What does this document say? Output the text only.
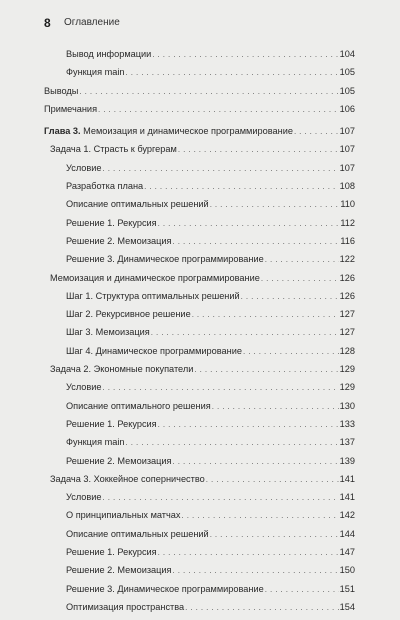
8 Оглавление
Вывод информации . . .	104
Функция main . . .	105
Выводы . . .	105
Примечания . . .	106
Глава 3. Мемоизация и динамическое программирование . . .	107
Задача 1. Страсть к бургерам . . .	107
Условие . . .	107
Разработка плана . . .	108
Описание оптимальных решений . . .	110
Решение 1. Рекурсия . . .	112
Решение 2. Мемоизация . . .	116
Решение 3. Динамическое программирование . . .	122
Мемоизация и динамическое программирование . . .	126
Шаг 1. Структура оптимальных решений . . .	126
Шаг 2. Рекурсивное решение . . .	127
Шаг 3. Мемоизация . . .	127
Шаг 4. Динамическое программирование . . .	128
Задача 2. Экономные покупатели . . .	129
Условие . . .	129
Описание оптимального решения . . .	130
Решение 1. Рекурсия . . .	133
Функция main . . .	137
Решение 2. Мемоизация . . .	139
Задача 3. Хоккейное соперничество . . .	141
Условие . . .	141
О принципиальных матчах . . .	142
Описание оптимальных решений . . .	144
Решение 1. Рекурсия . . .	147
Решение 2. Мемоизация . . .	150
Решение 3. Динамическое программирование . . .	151
Оптимизация пространства . . .	154
